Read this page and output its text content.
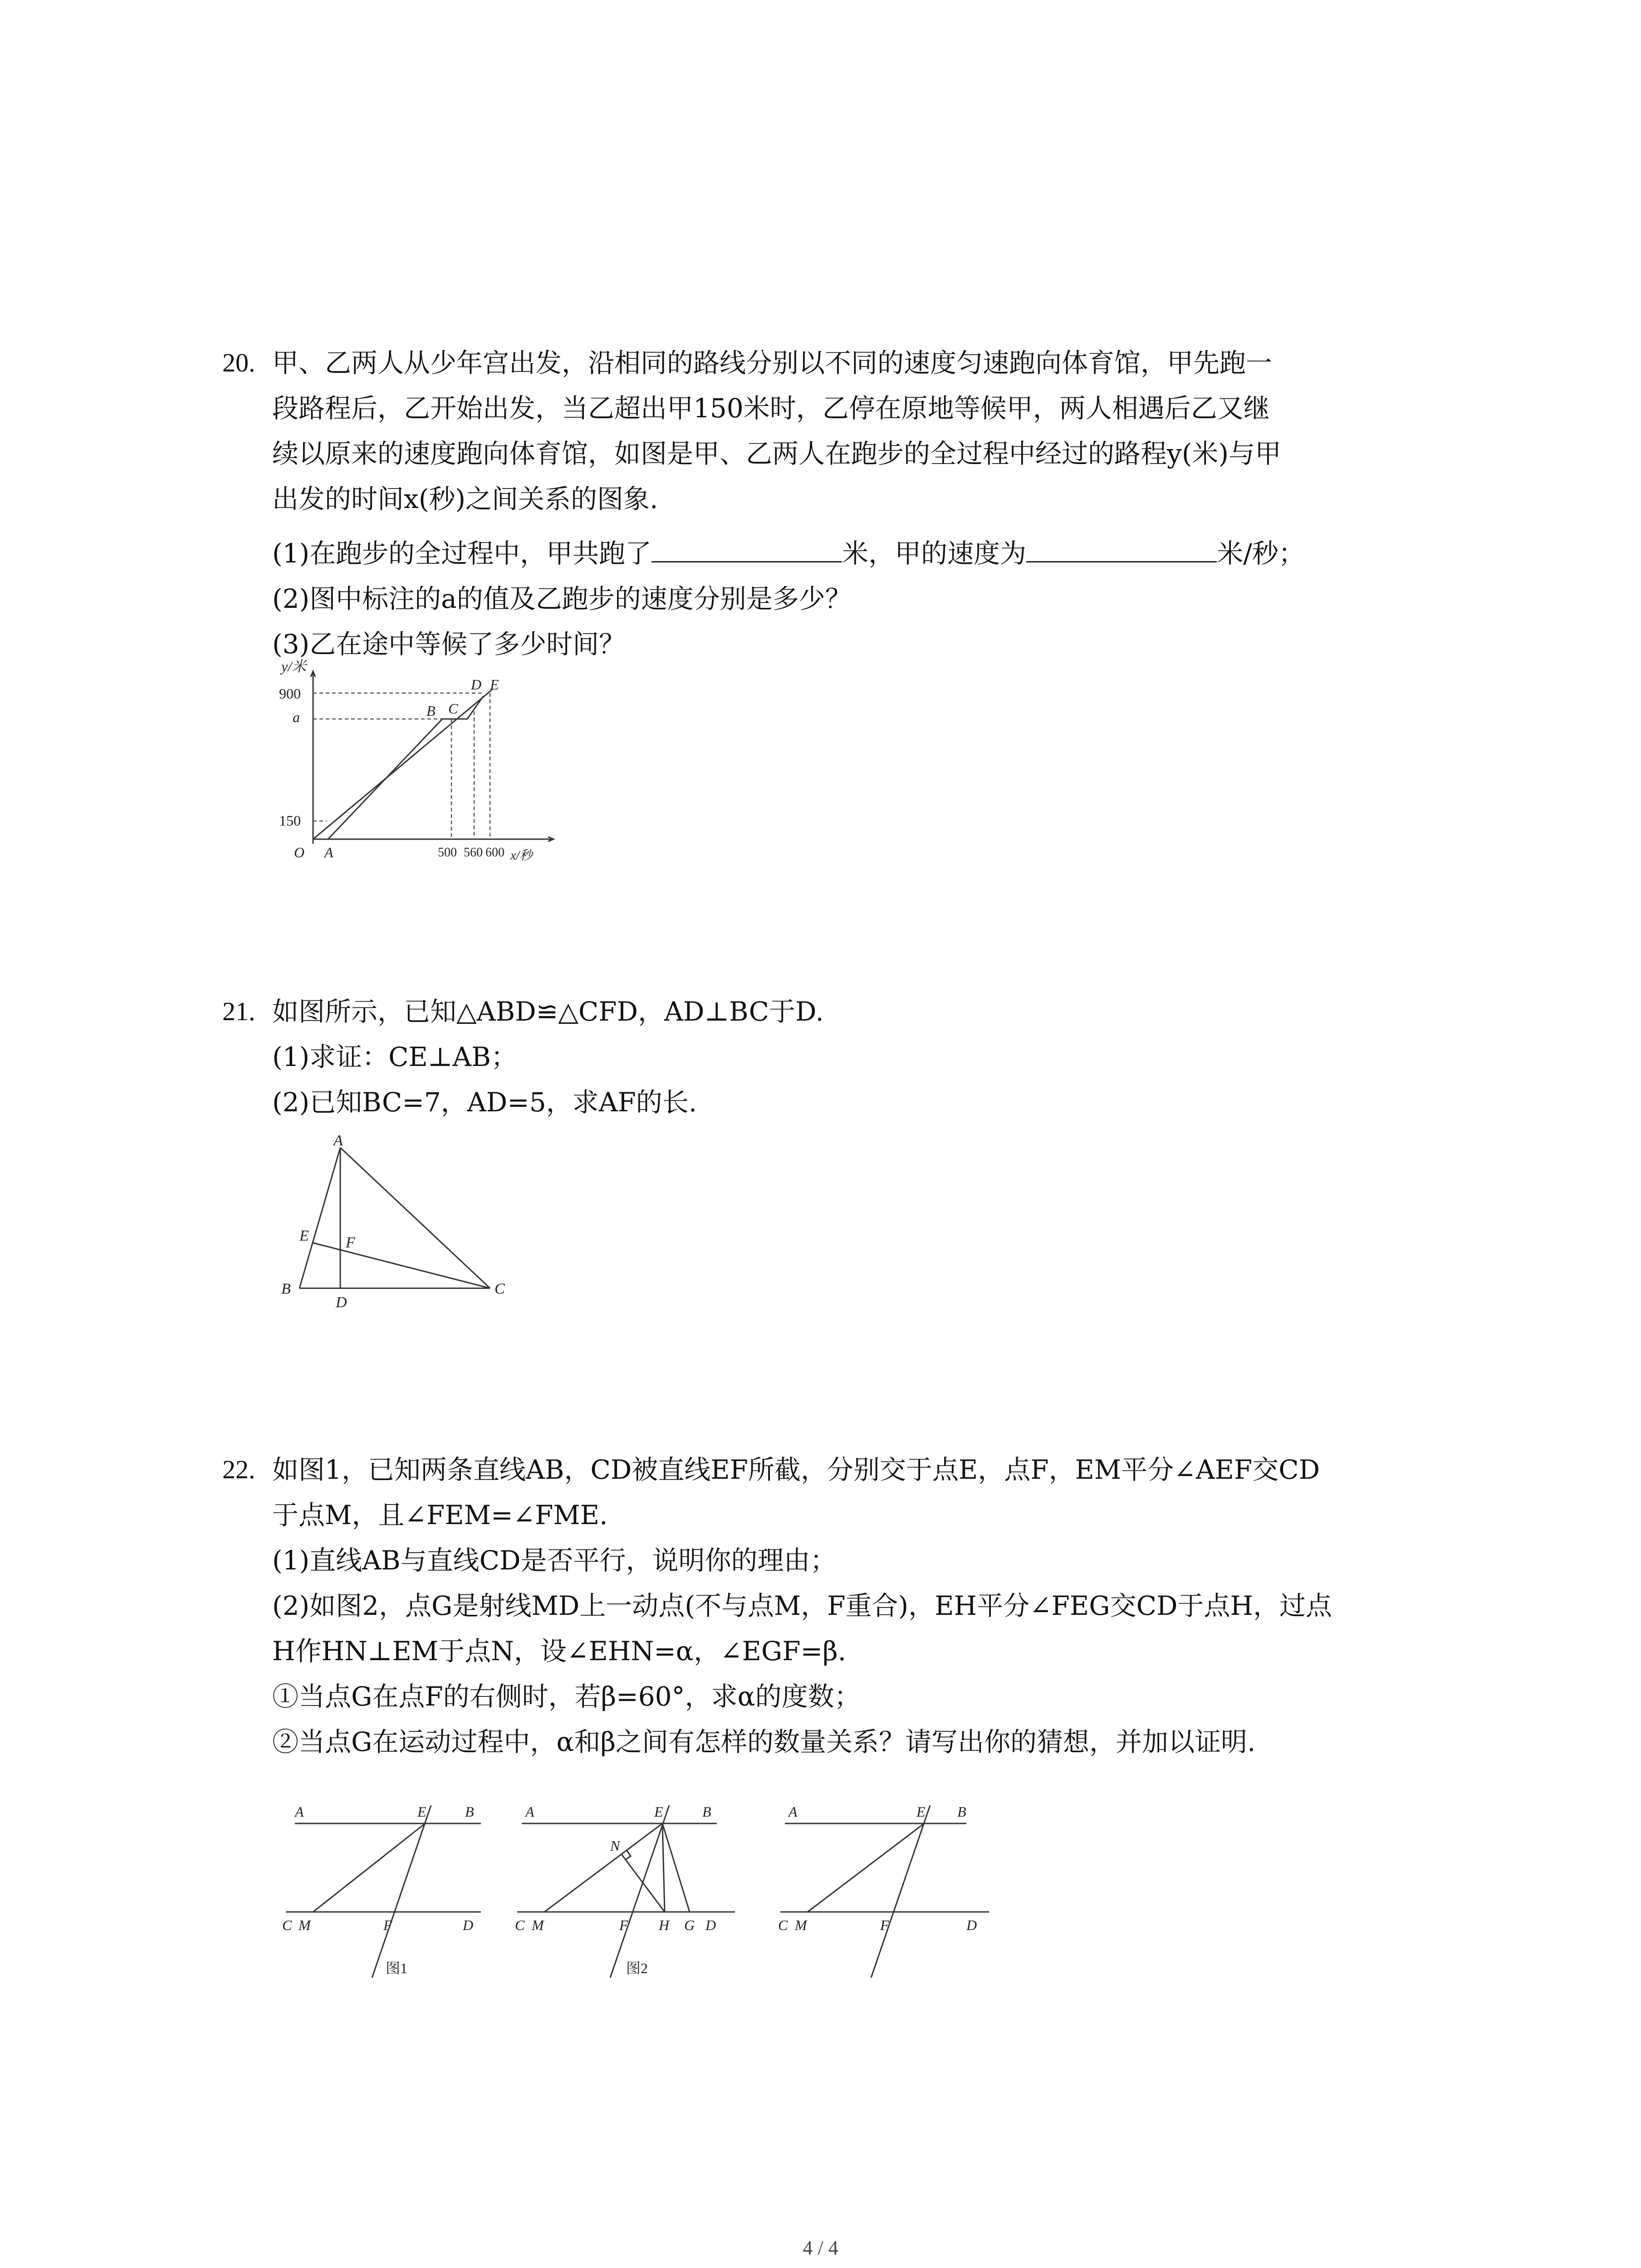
20. 甲、乙两人从少年宫出发，沿相同的路线分别以不同的速度匀速跑向体育馆，甲先跑一
段路程后，乙开始出发，当乙超出甲150米时，乙停在原地等候甲，两人相遇后乙又继
续以原来的速度跑向体育馆，如图是甲、乙两人在跑步的全过程中经过的路程y(米)与甲
出发的时间x(秒)之间关系的图象.
(1)在跑步的全过程中，甲共跑了	米，甲的速度为	米/秒；
(2)图中标注的a的值及乙跑步的速度分别是多少？
(3)乙在途中等候了多少时间？
y/米
900
a
150
O A
B C
D E
500 560 600 x/秒
21. 如图所示，已知△ABD≌△CFD，AD⊥BC于D.
(1)求证：CE⊥AB；
(2)已知BC=7，AD=5，求AF的长.
A
B	C
D
E F
22. 如图1，已知两条直线AB，CD被直线EF所截，分别交于点E，点F，EM平分∠AEF交CD
于点M，且∠FEM=∠FME.
(1)直线AB与直线CD是否平行，说明你的理由；
(2)如图2，点G是射线MD上一动点(不与点M，F重合)，EH平分∠FEG交CD于点H，过点
H作HN⊥EM于点N，设∠EHN=α，∠EGF=β.
①当点G在点F的右侧时，若β=60°，求α的度数；
②当点G在运动过程中，α和β之间有怎样的数量关系？请写出你的猜想，并加以证明.
A	E	B
C M	F	D
图1
A	E	B
N
C M	F H G D
图2
A	E B
C M	F	D
4 / 4
